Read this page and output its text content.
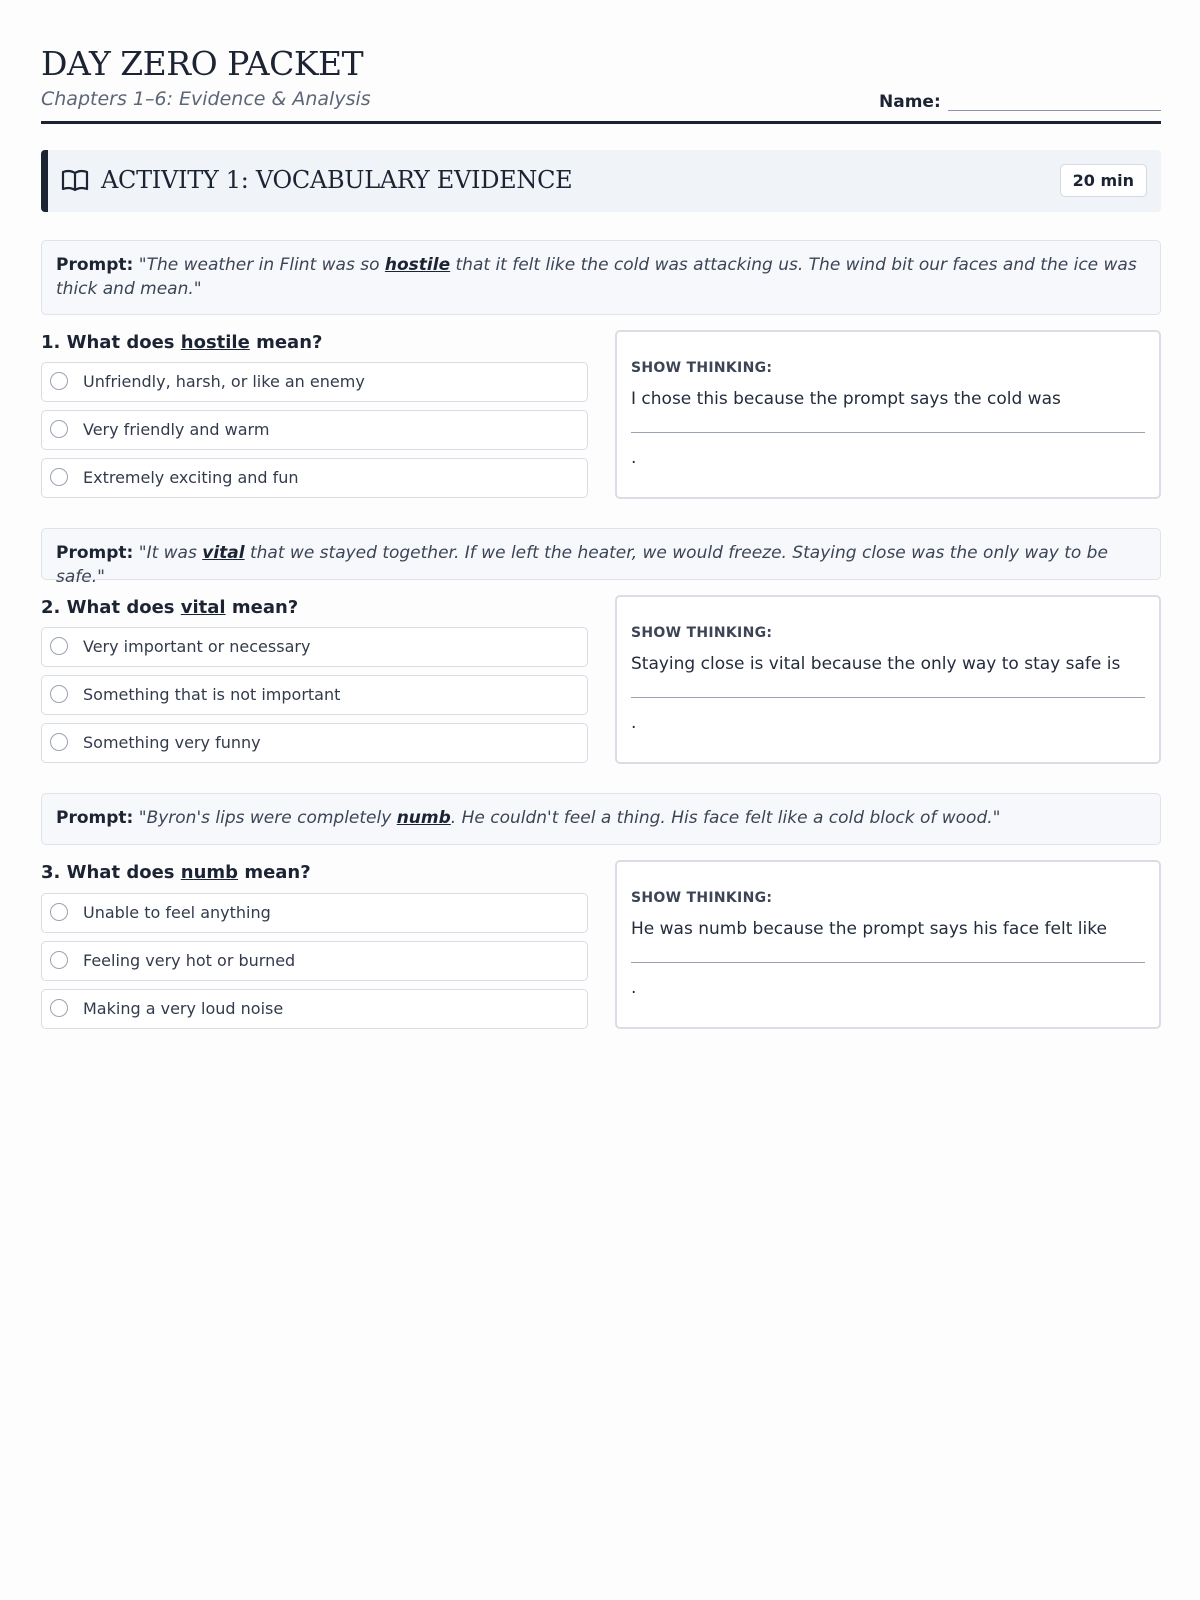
DAY ZERO PACKET
Chapters 1–6: Evidence & Analysis	Name:
ACTIVITY 1: VOCABULARY EVIDENCE	20 min
Prompt: "The weather in Flint was so hostile that it felt like the cold was attacking us. The wind bit our faces and the ice was thick and mean."
1. What does hostile mean?
Unfriendly, harsh, or like an enemy
Very friendly and warm
Extremely exciting and fun
SHOW THINKING:
I chose this because the prompt says the cold was
.
Prompt: "It was vital that we stayed together. If we left the heater, we would freeze. Staying close was the only way to be safe."
2. What does vital mean?
Very important or necessary
Something that is not important
Something very funny
SHOW THINKING:
Staying close is vital because the only way to stay safe is
.
Prompt: "Byron's lips were completely numb. He couldn't feel a thing. His face felt like a cold block of wood."
3. What does numb mean?
Unable to feel anything
Feeling very hot or burned
Making a very loud noise
SHOW THINKING:
He was numb because the prompt says his face felt like
.
